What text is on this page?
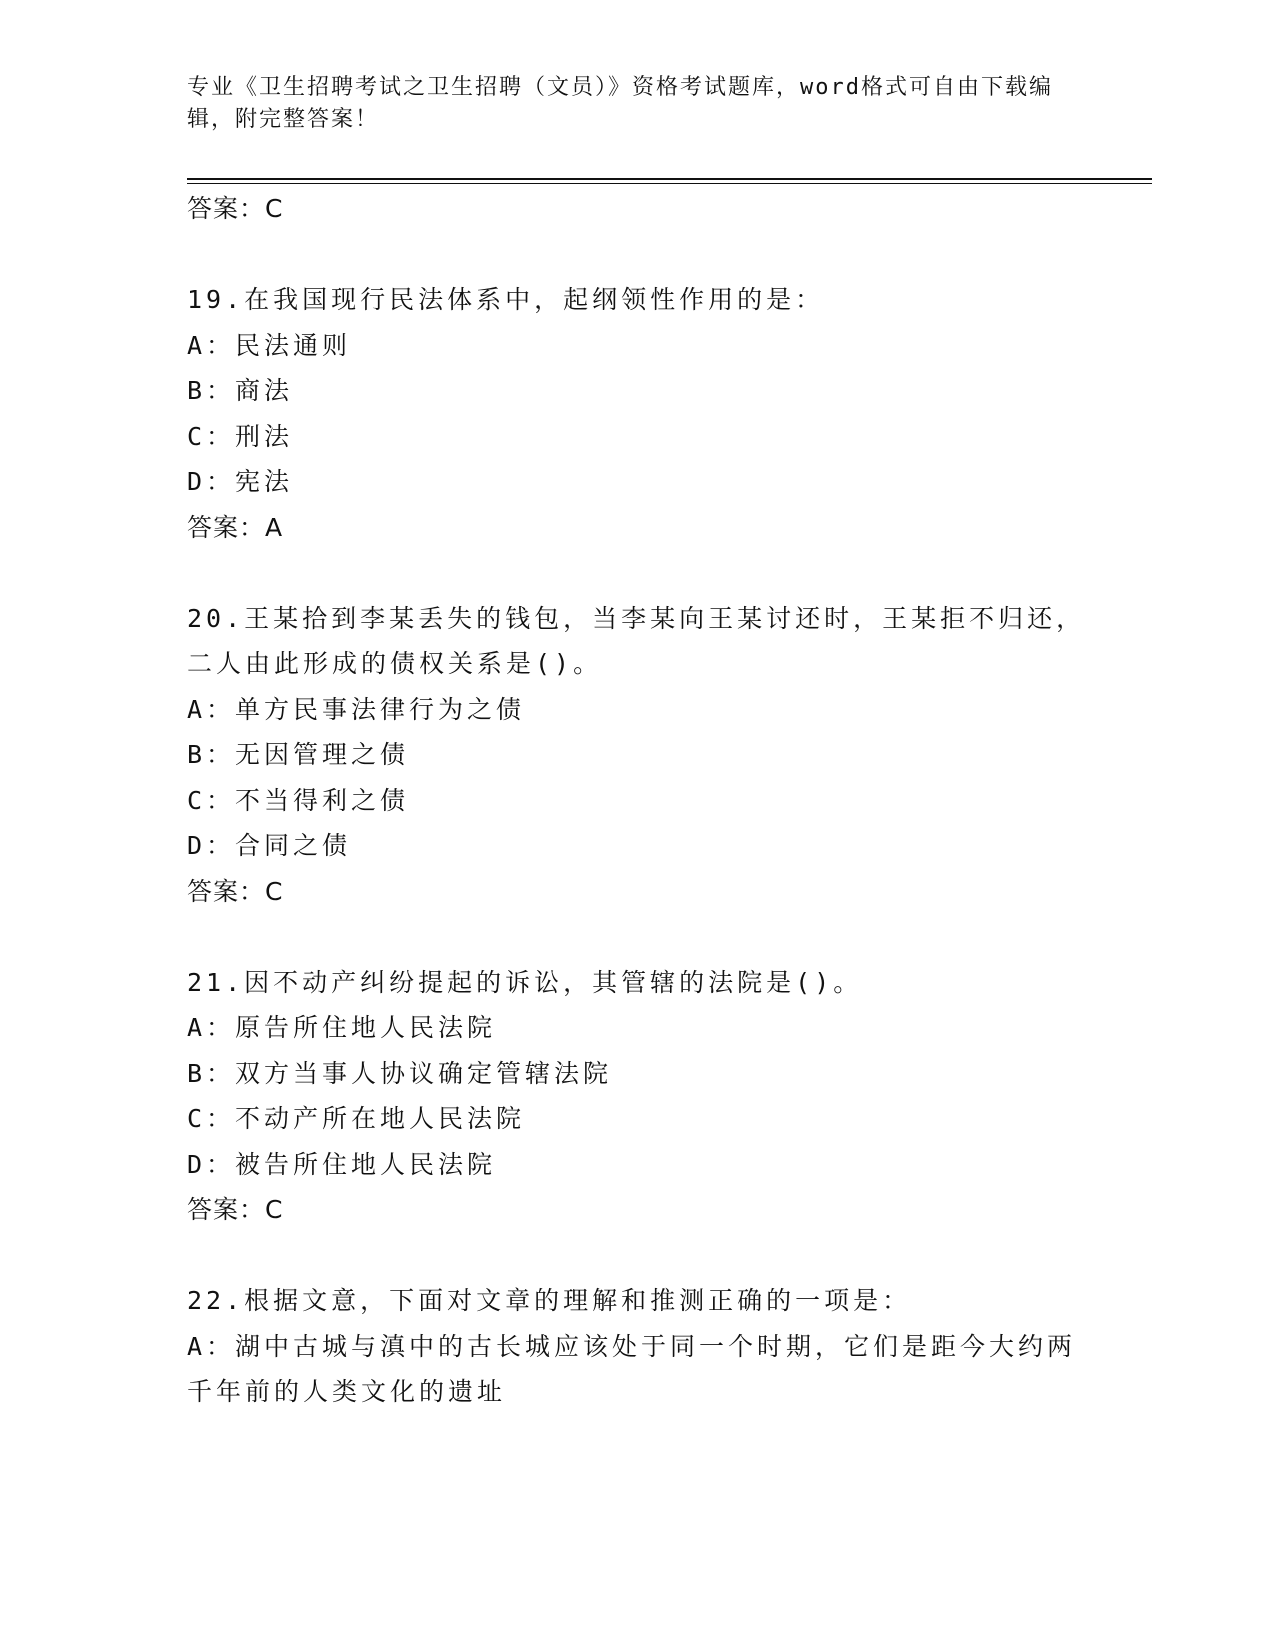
专业《卫生招聘考试之卫生招聘（文员）》资格考试题库，word格式可自由下载编辑，附完整答案！
答案：C
19.在我国现行民法体系中，起纲领性作用的是：
A：民法通则
B：商法
C：刑法
D：宪法
答案：A
20.王某拾到李某丢失的钱包，当李某向王某讨还时，王某拒不归还，
二人由此形成的债权关系是()。
A：单方民事法律行为之债
B：无因管理之债
C：不当得利之债
D：合同之债
答案：C
21.因不动产纠纷提起的诉讼，其管辖的法院是()。
A：原告所住地人民法院
B：双方当事人协议确定管辖法院
C：不动产所在地人民法院
D：被告所住地人民法院
答案：C
22.根据文意，下面对文章的理解和推测正确的一项是：
A：湖中古城与滇中的古长城应该处于同一个时期，它们是距今大约两
千年前的人类文化的遗址
